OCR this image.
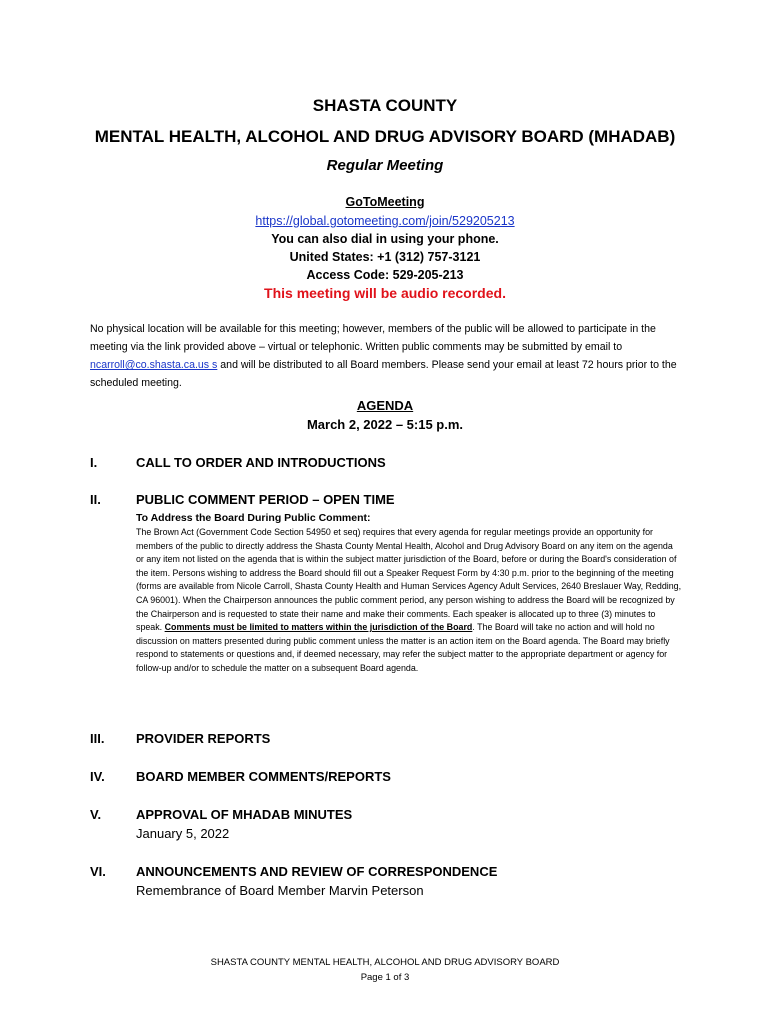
SHASTA COUNTY
MENTAL HEALTH, ALCOHOL AND DRUG ADVISORY BOARD (MHADAB)
Regular Meeting
GoToMeeting
https://global.gotomeeting.com/join/529205213
You can also dial in using your phone.
United States: +1 (312) 757-3121
Access Code: 529-205-213
This meeting will be audio recorded.
No physical location will be available for this meeting; however, members of the public will be allowed to participate in the meeting via the link provided above – virtual or telephonic. Written public comments may be submitted by email to ncarroll@co.shasta.ca.us s and will be distributed to all Board members. Please send your email at least 72 hours prior to the scheduled meeting.
AGENDA
March 2, 2022 – 5:15 p.m.
I.	CALL TO ORDER AND INTRODUCTIONS
II.	PUBLIC COMMENT PERIOD – OPEN TIME
To Address the Board During Public Comment:
The Brown Act (Government Code Section 54950 et seq) requires that every agenda for regular meetings provide an opportunity for members of the public to directly address the Shasta County Mental Health, Alcohol and Drug Advisory Board on any item on the agenda or any item not listed on the agenda that is within the subject matter jurisdiction of the Board, before or during the Board's consideration of the item. Persons wishing to address the Board should fill out a Speaker Request Form by 4:30 p.m. prior to the beginning of the meeting (forms are available from Nicole Carroll, Shasta County Health and Human Services Agency Adult Services, 2640 Breslauer Way, Redding, CA 96001). When the Chairperson announces the public comment period, any person wishing to address the Board will be recognized by the Chairperson and is requested to state their name and make their comments. Each speaker is allocated up to three (3) minutes to speak. Comments must be limited to matters within the jurisdiction of the Board. The Board will take no action and will hold no discussion on matters presented during public comment unless the matter is an action item on the Board agenda. The Board may briefly respond to statements or questions and, if deemed necessary, may refer the subject matter to the appropriate department or agency for follow-up and/or to schedule the matter on a subsequent Board agenda.
III. PROVIDER REPORTS
IV. BOARD MEMBER COMMENTS/REPORTS
V.	APPROVAL OF MHADAB MINUTES
January 5, 2022
VI. ANNOUNCEMENTS AND REVIEW OF CORRESPONDENCE
Remembrance of Board Member Marvin Peterson
SHASTA COUNTY MENTAL HEALTH, ALCOHOL AND DRUG ADVISORY BOARD
Page 1 of 3
